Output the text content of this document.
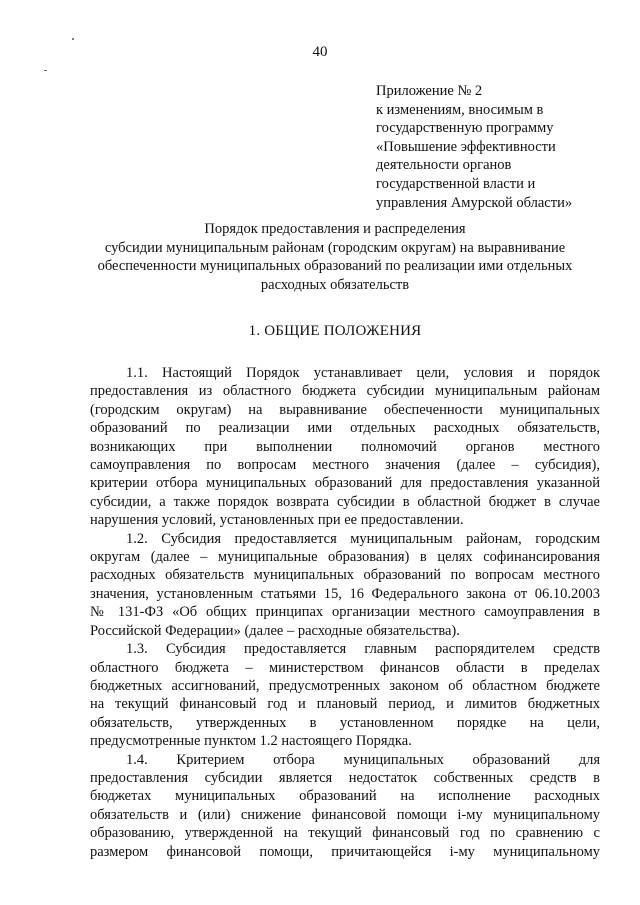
40
Приложение № 2
к изменениям, вносимым в
государственную программу
«Повышение эффективности
деятельности органов
государственной власти и
управления Амурской области»
Порядок предоставления и распределения
субсидии муниципальным районам (городским округам) на выравнивание
обеспеченности муниципальных образований по реализации ими отдельных
расходных обязательств
1. ОБЩИЕ ПОЛОЖЕНИЯ
1.1. Настоящий Порядок устанавливает цели, условия и порядок
предоставления из областного бюджета субсидии муниципальным районам
(городским округам) на выравнивание обеспеченности муниципальных
образований по реализации ими отдельных расходных обязательств,
возникающих при выполнении полномочий органов местного
самоуправления по вопросам местного значения (далее – субсидия),
критерии отбора муниципальных образований для предоставления указанной
субсидии, а также порядок возврата субсидии в областной бюджет в случае
нарушения условий, установленных при ее предоставлении.
1.2. Субсидия предоставляется муниципальным районам, городским
округам (далее – муниципальные образования) в целях софинансирования
расходных обязательств муниципальных образований по вопросам местного
значения, установленным статьями 15, 16 Федерального закона от 06.10.2003
№ 131-ФЗ «Об общих принципах организации местного самоуправления в
Российской Федерации» (далее – расходные обязательства).
1.3. Субсидия предоставляется главным распорядителем средств
областного бюджета – министерством финансов области в пределах
бюджетных ассигнований, предусмотренных законом об областном бюджете
на текущий финансовый год и плановый период, и лимитов бюджетных
обязательств, утвержденных в установленном порядке на цели,
предусмотренные пунктом 1.2 настоящего Порядка.
1.4. Критерием отбора муниципальных образований для
предоставления субсидии является недостаток собственных средств в
бюджетах муниципальных образований на исполнение расходных
обязательств и (или) снижение финансовой помощи i-му муниципальному
образованию, утвержденной на текущий финансовый год по сравнению с
размером финансовой помощи, причитающейся i-му муниципальному
